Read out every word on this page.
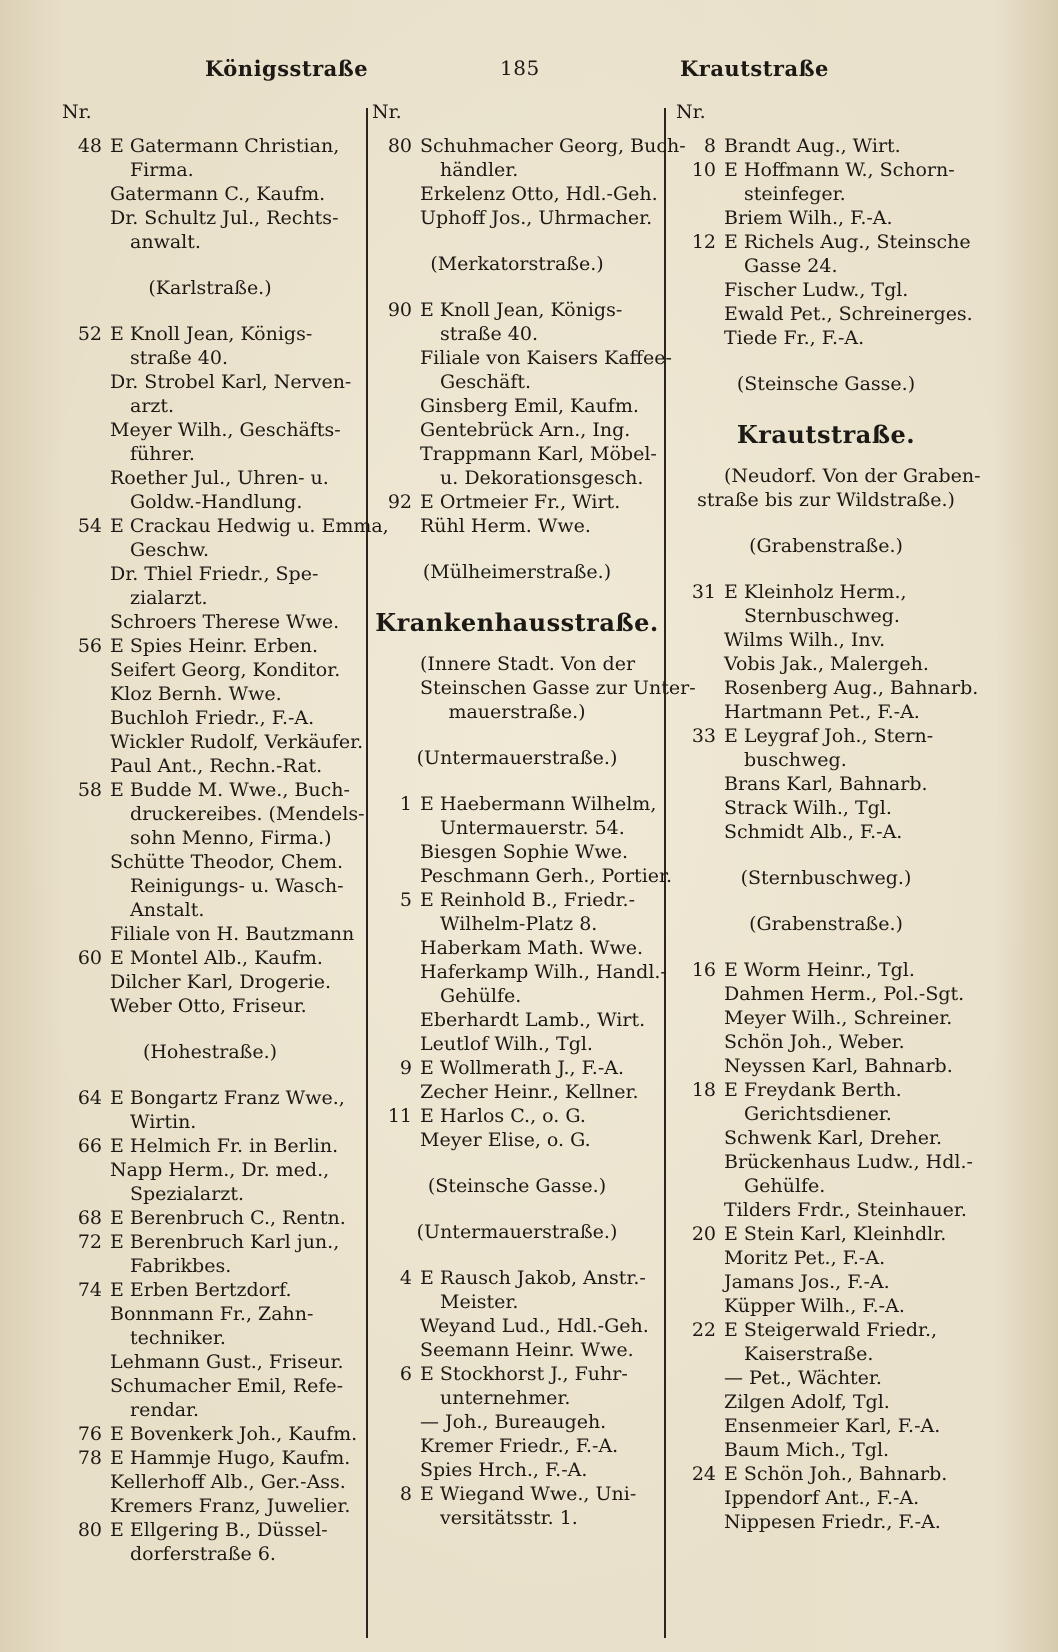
Königsstraße	185	Krautstraße
Nr.
48 E Gatermann Christian,
Firma.
Gatermann C., Kaufm.
Dr. Schultz Jul., Rechts-
anwalt.
(Karlstraße.)
52 E Knoll Jean, Königs-
straße 40.
Dr. Strobel Karl, Nerven-
arzt.
Meyer Wilh., Geschäfts-
führer.
Roether Jul., Uhren- u.
Goldw.-Handlung.
54 E Crackau Hedwig u. Emma,
Geschw.
Dr. Thiel Friedr., Spe-
zialarzt.
Schroers Therese Wwe.
56 E Spies Heinr. Erben.
Seifert Georg, Konditor.
Kloz Bernh. Wwe.
Buchloh Friedr., F.-A.
Wickler Rudolf, Verkäufer.
Paul Ant., Rechn.-Rat.
58 E Budde M. Wwe., Buch-
druckereibes. (Mendels-
sohn Menno, Firma.)
Schütte Theodor, Chem.
Reinigungs- u. Wasch-
Anstalt.
Filiale von H. Bautzmann
60 E Montel Alb., Kaufm.
Dilcher Karl, Drogerie.
Weber Otto, Friseur.
(Hohestraße.)
64 E Bongartz Franz Wwe.,
Wirtin.
66 E Helmich Fr. in Berlin.
Napp Herm., Dr. med.,
Spezialarzt.
68 E Berenbruch C., Rentn.
72 E Berenbruch Karl jun.,
Fabrikbes.
74 E Erben Bertzdorf.
Bonnmann Fr., Zahn-
techniker.
Lehmann Gust., Friseur.
Schumacher Emil, Refe-
rendar.
76 E Bovenkerk Joh., Kaufm.
78 E Hammje Hugo, Kaufm.
Kellerhoff Alb., Ger.-Ass.
Kremers Franz, Juwelier.
80 E Ellgering B., Düssel-
dorferstraße 6.
Nr.
80 Schuhmacher Georg, Buch-
händler.
Erkelenz Otto, Hdl.-Geh.
Uphoff Jos., Uhrmacher.
(Merkatorstraße.)
90 E Knoll Jean, Königs-
straße 40.
Filiale von Kaisers Kaffee-
Geschäft.
Ginsberg Emil, Kaufm.
Gentebrück Arn., Ing.
Trappmann Karl, Möbel-
u. Dekorationsgesch.
92 E Ortmeier Fr., Wirt.
Rühl Herm. Wwe.
(Mülheimerstraße.)
Krankenhausstraße.
(Innere Stadt. Von der
Steinschen Gasse zur Unter-
mauerstraße.)
(Untermauerstraße.)
1 E Haebermann Wilhelm,
Untermauerstr. 54.
Biesgen Sophie Wwe.
Peschmann Gerh., Portier.
5 E Reinhold B., Friedr.-
Wilhelm-Platz 8.
Haberkam Math. Wwe.
Haferkamp Wilh., Handl.-
Gehülfe.
Eberhardt Lamb., Wirt.
Leutlof Wilh., Tgl.
9 E Wollmerath J., F.-A.
Zecher Heinr., Kellner.
11 E Harlos C., o. G.
Meyer Elise, o. G.
(Steinsche Gasse.)
(Untermauerstraße.)
4 E Rausch Jakob, Anstr.-
Meister.
Weyand Lud., Hdl.-Geh.
Seemann Heinr. Wwe.
6 E Stockhorst J., Fuhr-
unternehmer.
— Joh., Bureaugeh.
Kremer Friedr., F.-A.
Spies Hrch., F.-A.
8 E Wiegand Wwe., Uni-
versitätsstr. 1.
Nr.
8 Brandt Aug., Wirt.
10 E Hoffmann W., Schorn-
steinfeger.
Briem Wilh., F.-A.
12 E Richels Aug., Steinsche
Gasse 24.
Fischer Ludw., Tgl.
Ewald Pet., Schreinerges.
Tiede Fr., F.-A.
(Steinsche Gasse.)
Krautstraße.
(Neudorf. Von der Graben-
straße bis zur Wildstraße.)
(Grabenstraße.)
31 E Kleinholz Herm.,
Sternbuschweg.
Wilms Wilh., Inv.
Vobis Jak., Malergeh.
Rosenberg Aug., Bahnarb.
Hartmann Pet., F.-A.
33 E Leygraf Joh., Stern-
buschweg.
Brans Karl, Bahnarb.
Strack Wilh., Tgl.
Schmidt Alb., F.-A.
(Sternbuschweg.)
(Grabenstraße.)
16 E Worm Heinr., Tgl.
Dahmen Herm., Pol.-Sgt.
Meyer Wilh., Schreiner.
Schön Joh., Weber.
Neyssen Karl, Bahnarb.
18 E Freydank Berth.
Gerichtsdiener.
Schwenk Karl, Dreher.
Brückenhaus Ludw., Hdl.-
Gehülfe.
Tilders Frdr., Steinhauer.
20 E Stein Karl, Kleinhdlr.
Moritz Pet., F.-A.
Jamans Jos., F.-A.
Küpper Wilh., F.-A.
22 E Steigerwald Friedr.,
Kaiserstraße.
— Pet., Wächter.
Zilgen Adolf, Tgl.
Ensenmeier Karl, F.-A.
Baum Mich., Tgl.
24 E Schön Joh., Bahnarb.
Ippendorf Ant., F.-A.
Nippesen Friedr., F.-A.
